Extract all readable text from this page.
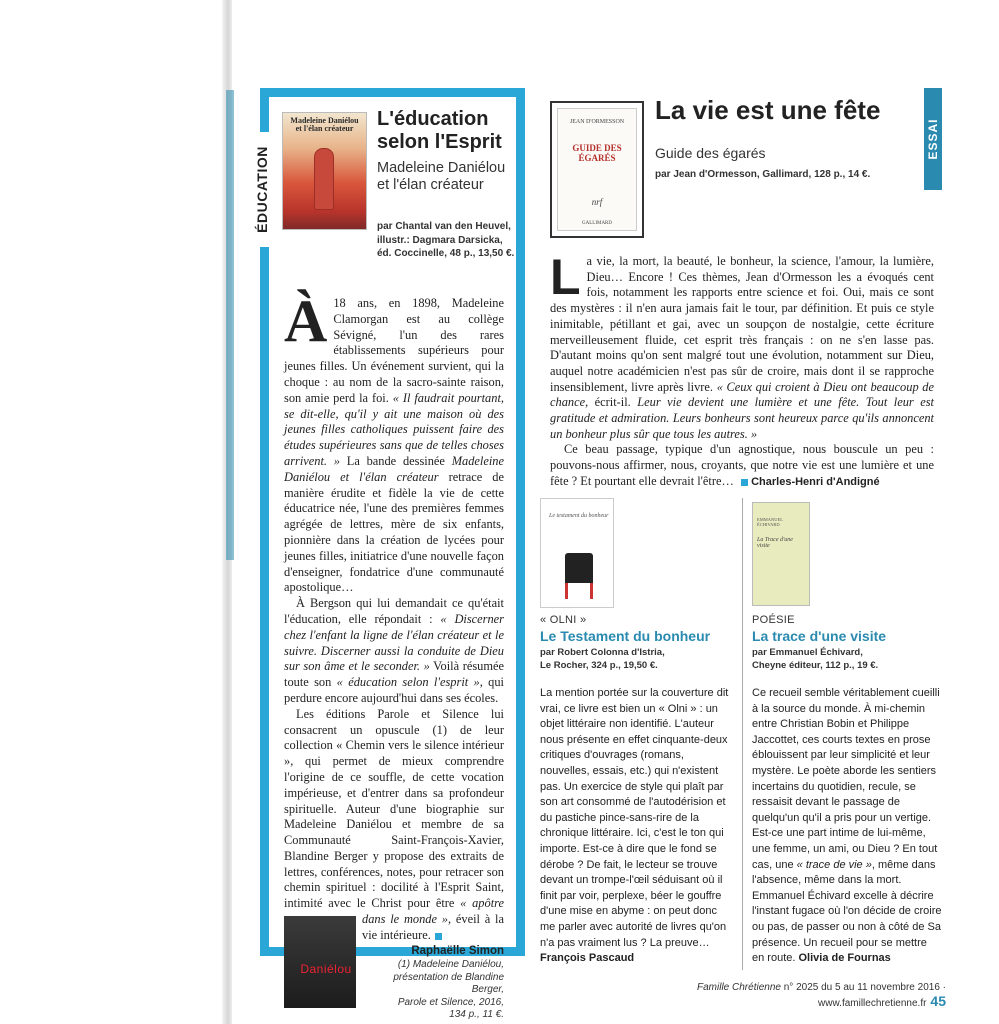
ÉDUCATION
Madeleine Daniélou
et l'élan créateur	L'éducation selon l'Esprit
Madeleine Daniélou et l'élan créateur
par Chantal van den Heuvel, illustr.: Dagmara Darsicka, éd. Coccinelle, 48 p., 13,50 €.

À 18 ans, en 1898, Madeleine Clamorgan est au collège Sévigné, l'un des rares établissements supérieurs pour jeunes filles. Un événement survient, qui la choque : au nom de la sacro-sainte raison, son amie perd la foi. « Il faudrait pourtant, se dit-elle, qu'il y ait une maison où des jeunes filles catholiques puissent faire des études supérieures sans que de telles choses arrivent. » La bande dessinée Madeleine Daniélou et l'élan créateur retrace de manière érudite et fidèle la vie de cette éducatrice née, l'une des premières femmes agrégée de lettres, mère de six enfants, pionnière dans la création de lycées pour jeunes filles, initiatrice d'une nouvelle façon d'enseigner, fondatrice d'une communauté apostolique…

À Bergson qui lui demandait ce qu'était l'éducation, elle répondait : « Discerner chez l'enfant la ligne de l'élan créateur et le suivre. Discerner aussi la conduite de Dieu sur son âme et le seconder. » Voilà résumée toute son « éducation selon l'esprit », qui perdure encore aujourd'hui dans ses écoles.

Les éditions Parole et Silence lui consacrent un opuscule (1) de leur collection « Chemin vers le silence intérieur », qui permet de mieux comprendre l'origine de ce souffle, de cette vocation impérieuse, et d'entrer dans sa profondeur spirituelle. Auteur d'une biographie sur Madeleine Daniélou et membre de sa Communauté Saint-François-Xavier, Blandine Berger y propose des extraits de lettres, conférences, notes, pour retracer son chemin spirituel : docilité à l'Esprit Saint, intimité avec le Christ pour être
Daniélou
« apôtre dans le monde », éveil à la vie intérieure.

Raphaëlle Simon
(1) Madeleine Daniélou,
présentation de Blandine Berger,
Parole et Silence, 2016,
134 p., 11 €.
JEAN D'ORMESSON
GUIDE DES ÉGARÉS
nrf
GALLIMARD
La vie est une fête
Guide des égarés
par Jean d'Ormesson, Gallimard, 128 p., 14 €.
ESSAI

La vie, la mort, la beauté, le bonheur, la science, l'amour, la lumière, Dieu… Encore ! Ces thèmes, Jean d'Ormesson les a évoqués cent fois, notamment les rapports entre science et foi. Oui, mais ce sont des mystères : il n'en aura jamais fait le tour, par définition. Et puis ce style inimitable, pétillant et gai, avec un soupçon de nostalgie, cette écriture merveilleusement fluide, cet esprit très français : on ne s'en lasse pas. D'autant moins qu'on sent malgré tout une évolution, notamment sur Dieu, auquel notre académicien n'est pas sûr de croire, mais dont il se rapproche insensiblement, livre après livre. « Ceux qui croient à Dieu ont beaucoup de chance, écrit-il. Leur vie devient une lumière et une fête. Tout leur est gratitude et admiration. Leurs bonheurs sont heureux parce qu'ils annoncent un bonheur plus sûr que tous les autres. »

Ce beau passage, typique d'un agnostique, nous bouscule un peu : pouvons-nous affirmer, nous, croyants, que notre vie est une lumière et une fête ? Et pourtant elle devrait l'être…  Charles-Henri d'Andigné

Le testament du bonheur
« OLNI »
Le Testament du bonheur
par Robert Colonna d'Istria,
Le Rocher, 324 p., 19,50 €.
La mention portée sur la couverture dit vrai, ce livre est bien un « Olni » : un objet littéraire non identifié. L'auteur nous présente en effet cinquante-deux critiques d'ouvrages (romans, nouvelles, essais, etc.) qui n'existent pas. Un exercice de style qui plaît par son art consommé de l'autodérision et du pastiche pince-sans-rire de la chronique littéraire. Ici, c'est le ton qui importe. Est-ce à dire que le fond se dérobe ? De fait, le lecteur se trouve devant un trompe-l'œil séduisant où il finit par voir, perplexe, béer le gouffre d'une mise en abyme : on peut donc me parler avec autorité de livres qu'on n'a pas vraiment lus ? La preuve… François Pascaud
EMMANUEL ÉCHIVARD
La Trace d'une visite
POÉSIE
La trace d'une visite
par Emmanuel Échivard,
Cheyne éditeur, 112 p., 19 €.
Ce recueil semble véritablement cueilli à la source du monde. À mi-chemin entre Christian Bobin et Philippe Jaccottet, ces courts textes en prose éblouissent par leur simplicité et leur mystère. Le poète aborde les sentiers incertains du quotidien, recule, se ressaisit devant le passage de quelqu'un qu'il a pris pour un vertige. Est-ce une part intime de lui-même, une femme, un ami, ou Dieu ? En tout cas, une « trace de vie », même dans l'absence, même dans la mort. Emmanuel Échivard excelle à décrire l'instant fugace où l'on décide de croire ou pas, de passer ou non à côté de Sa présence. Un recueil pour se mettre en route. Olivia de Fournas
Famille Chrétienne n° 2025 du 5 au 11 novembre 2016 · www.famillechretienne.fr 45
